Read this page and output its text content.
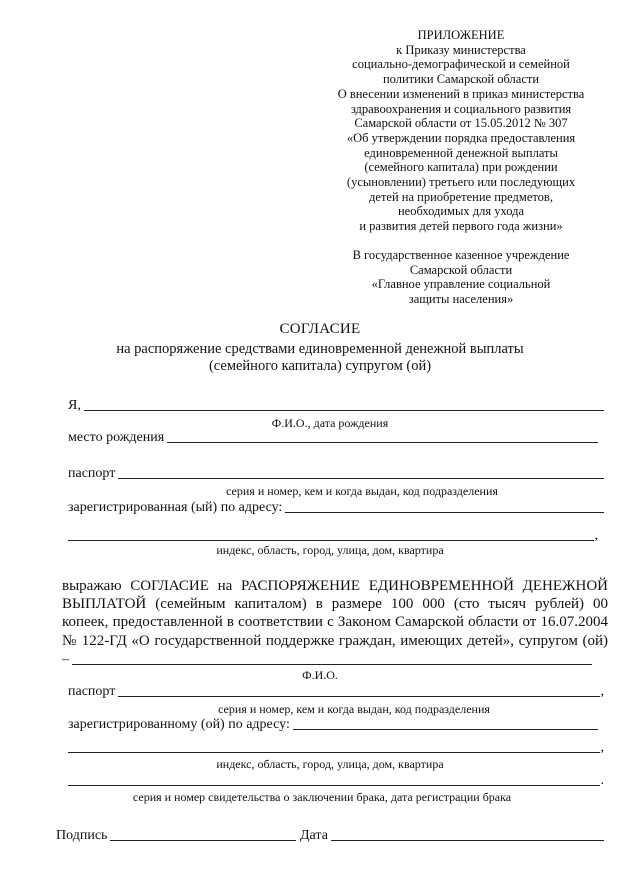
ПРИЛОЖЕНИЕ
к Приказу министерства
социально-демографической и семейной
политики Самарской области
О внесении изменений в приказ министерства
здравоохранения и социального развития
Самарской области от 15.05.2012 № 307
«Об утверждении порядка предоставления
единовременной денежной выплаты
(семейного капитала) при рождении
(усыновлении) третьего или последующих
детей на приобретение предметов,
необходимых для ухода
и развития детей первого года жизни»
В государственное казенное учреждение
Самарской области
«Главное управление социальной
защиты населения»
СОГЛАСИЕ
на распоряжение средствами единовременной денежной выплаты
(семейного капитала) супругом (ой)
Я,
Ф.И.О., дата рождения
место рождения
паспорт
серия и номер, кем и когда выдан, код подразделения
зарегистрированная (ый) по адресу:
,
индекс, область, город, улица, дом, квартира
выражаю СОГЛАСИЕ на РАСПОРЯЖЕНИЕ ЕДИНОВРЕМЕННОЙ ДЕНЕЖНОЙ
ВЫПЛАТОЙ (семейным капиталом) в размере 100 000 (сто тысяч рублей) 00
копеек, предоставленной в соответствии с Законом Самарской области от 16.07.2004
№ 122-ГД «О государственной поддержке граждан, имеющих детей», супругом (ой)
–
Ф.И.О.
паспорт	,
серия и номер, кем и когда выдан, код подразделения
зарегистрированному (ой) по адресу:
,
индекс, область, город, улица, дом, квартира
.
серия и номер свидетельства о заключении брака, дата регистрации брака
Подпись	Дата
